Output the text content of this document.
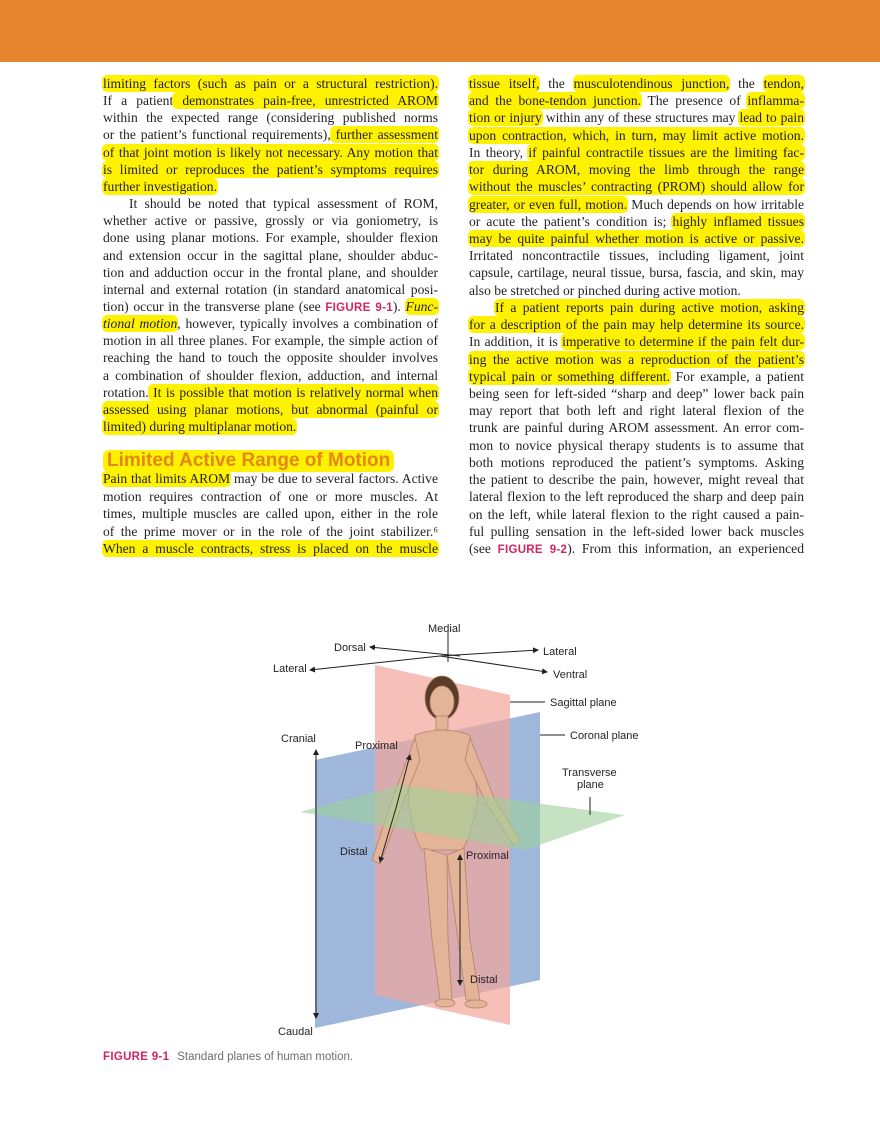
Limited Active Range of Motion
limiting factors (such as pain or a structural restriction).
If a patient demonstrates pain-free, unrestricted AROM
within the expected range (considering published norms
or the patient’s functional requirements), further assessment
of that joint motion is likely not necessary. Any motion that
is limited or reproduces the patient’s symptoms requires
further investigation.
It should be noted that typical assessment of ROM,
whether active or passive, grossly or via goniometry, is
done using planar motions. For example, shoulder flexion
and extension occur in the sagittal plane, shoulder abduc-
tion and adduction occur in the frontal plane, and shoulder
internal and external rotation (in standard anatomical posi-
tion) occur in the transverse plane (see FIGURE 9-1). Func-
tional motion, however, typically involves a combination of
motion in all three planes. For example, the simple action of
reaching the hand to touch the opposite shoulder involves
a combination of shoulder flexion, adduction, and internal
rotation. It is possible that motion is relatively normal when
assessed using planar motions, but abnormal (painful or
limited) during multiplanar motion.
Pain that limits AROM may be due to several factors. Active
motion requires contraction of one or more muscles. At
times, multiple muscles are called upon, either in the role
of the prime mover or in the role of the joint stabilizer.⁶
When a muscle contracts, stress is placed on the muscle
tissue itself, the musculotendinous junction, the tendon,
and the bone-tendon junction. The presence of inflamma-
tion or injury within any of these structures may lead to pain
upon contraction, which, in turn, may limit active motion.
In theory, if painful contractile tissues are the limiting fac-
tor during AROM, moving the limb through the range
without the muscles’ contracting (PROM) should allow for
greater, or even full, motion. Much depends on how irritable
or acute the patient’s condition is; highly inflamed tissues
may be quite painful whether motion is active or passive.
Irritated noncontractile tissues, including ligament, joint
capsule, cartilage, neural tissue, bursa, fascia, and skin, may
also be stretched or pinched during active motion.
If a patient reports pain during active motion, asking
for a description of the pain may help determine its source.
In addition, it is imperative to determine if the pain felt dur-
ing the active motion was a reproduction of the patient’s
typical pain or something different. For example, a patient
being seen for left-sided “sharp and deep” lower back pain
may report that both left and right lateral flexion of the
trunk are painful during AROM assessment. An error com-
mon to novice physical therapy students is to assume that
both motions reproduced the patient’s symptoms. Asking
the patient to describe the pain, however, might reveal that
lateral flexion to the left reproduced the sharp and deep pain
on the left, while lateral flexion to the right caused a pain-
ful pulling sensation in the left-sided lower back muscles
(see FIGURE 9-2). From this information, an experienced
Medial
Dorsal	Lateral
Lateral	Ventral
Sagittal plane
Coronal plane
Transverse
plane
Cranial
Proximal
Distal	Proximal
Distal
Caudal
FIGURE 9-1 Standard planes of human motion.
